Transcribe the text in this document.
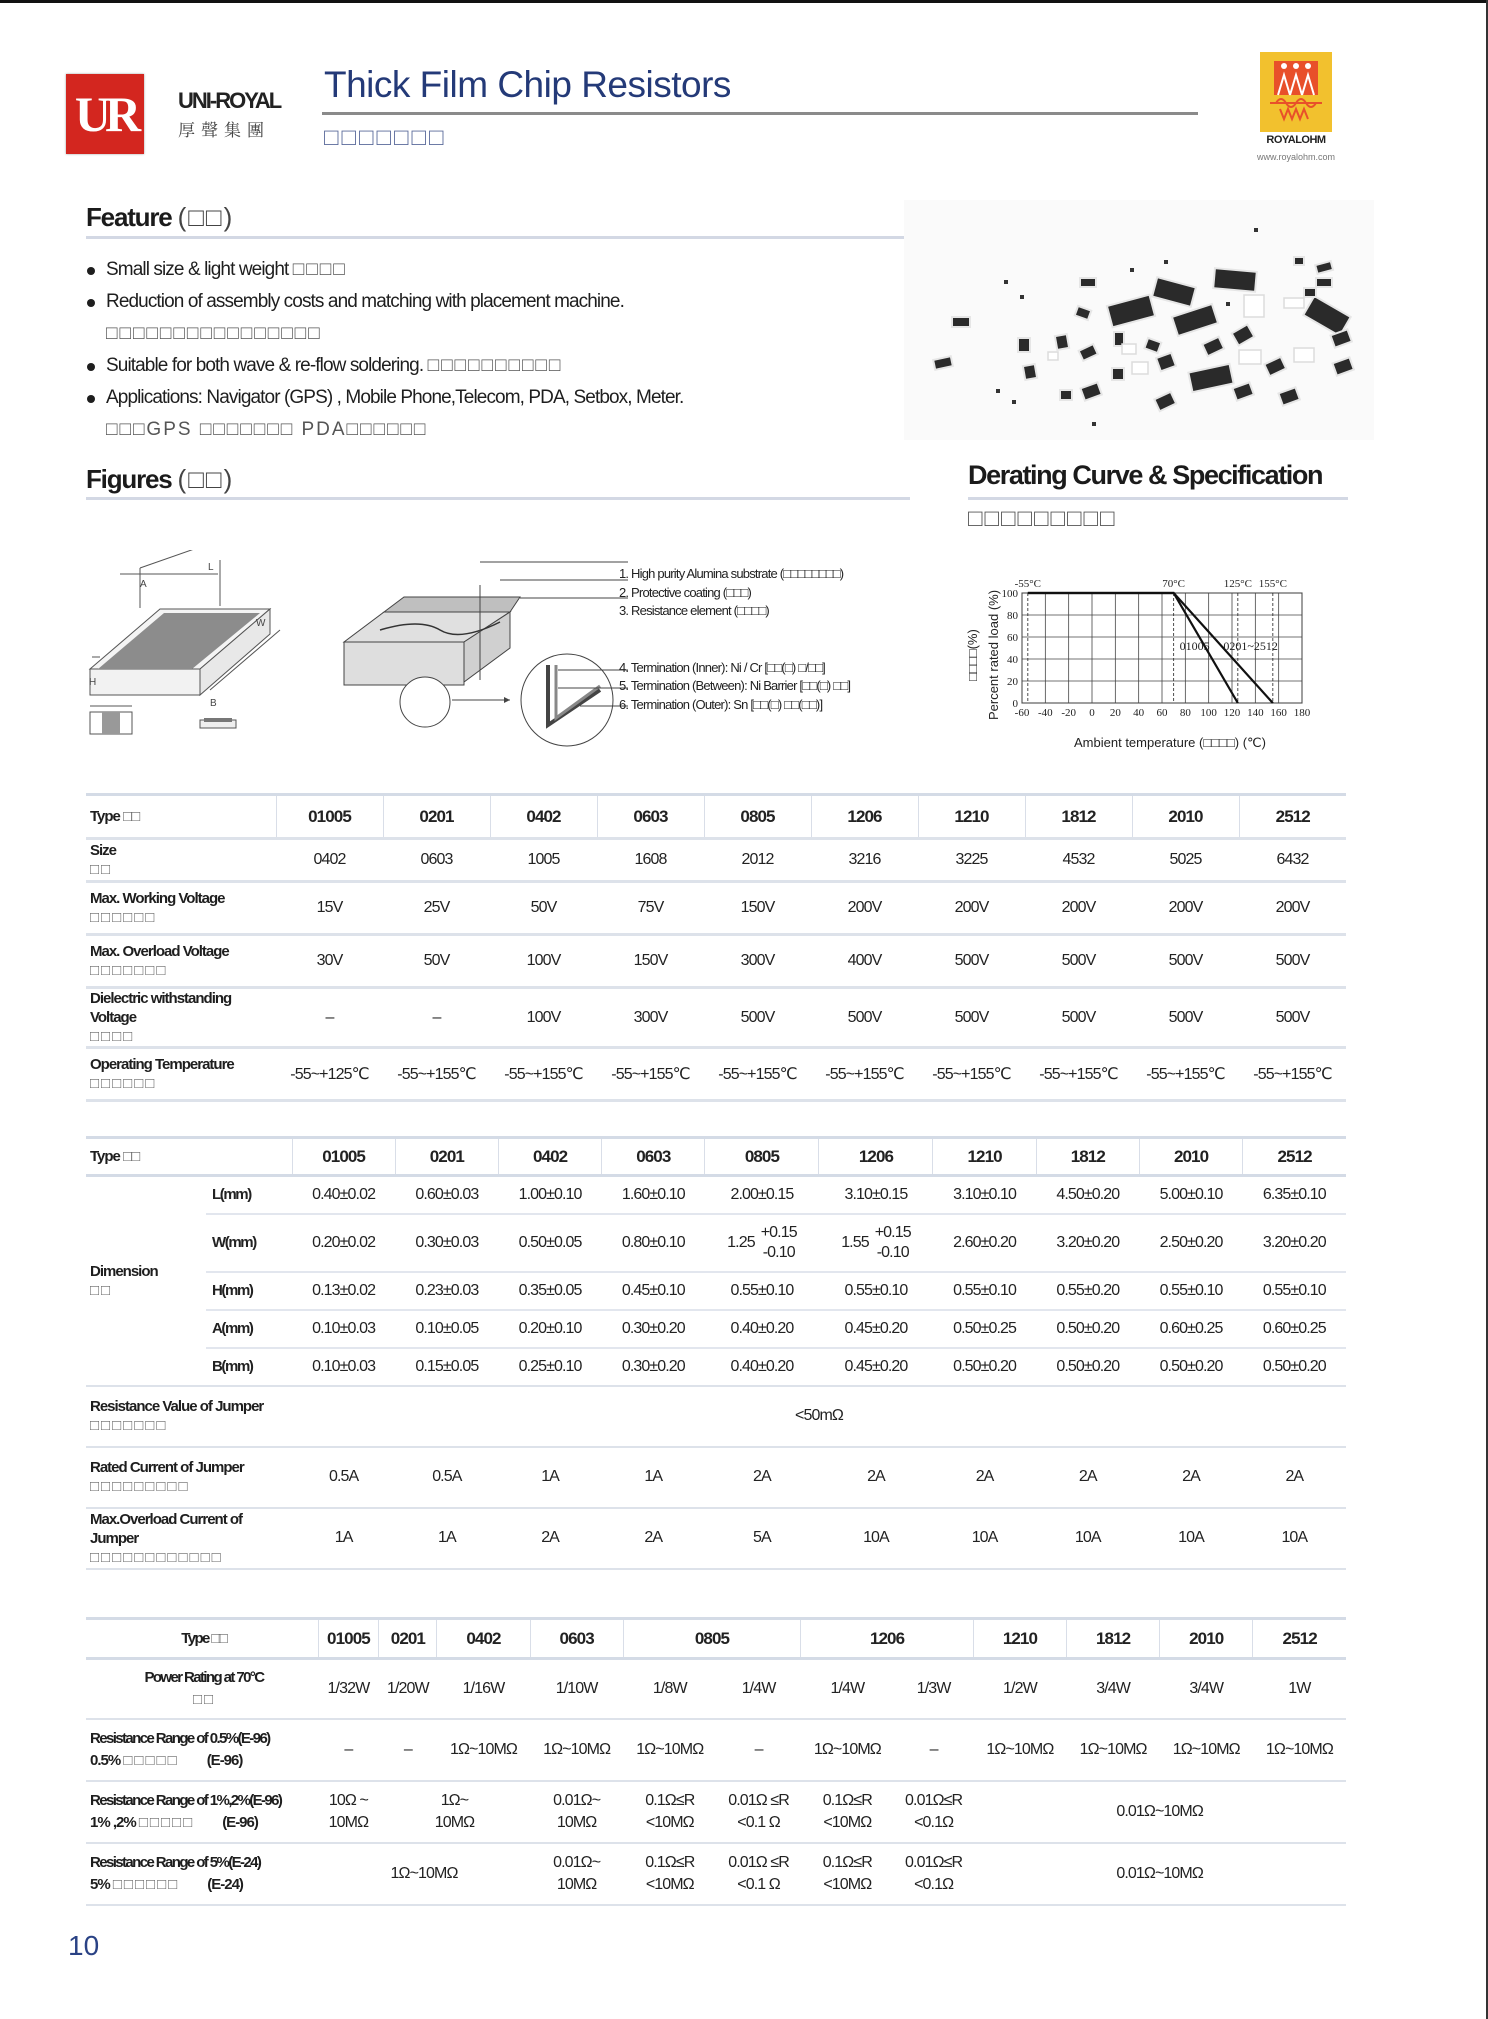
UR UNI-ROYAL
厚聲集團
Thick Film Chip Resistors
□□□□□□□	ROYALOHM
www.royalohm.com
Feature (□□)
Small size & light weight □□□□
Reduction of assembly costs and matching with placement machine.
□□□□□□□□□□□□□□□□
Suitable for both wave & re-flow soldering. □□□□□□□□□□
Applications: Navigator (GPS) , Mobile Phone,Telecom, PDA, Setbox, Meter.
□□□GPS □□□□□□□ PDA□□□□□□
Figures (□□)
L
A
W
H
B
1. High purity Alumina substrate (□□□□□□□□)
2. Protective coating (□□□)
3. Resistance element (□□□□)
4. Termination (Inner): Ni / Cr [□□(□) □/□□]
5. Termination (Between): Ni Barrier [□□(□) □□]
6. Termination (Outer): Sn [□□(□) □□(□□)]
Derating Curve & Specification
□□□□□□□□□
-55°C	70°C	125°C 155°C
01005 0201~2512
-60 -40 -20 0 20 40 60 80 100 120 140 160 180
0
20
40
60
80
100
Ambient temperature (□□□□) (℃)
Percent rated load (%)
□□□□(%)
Type □□	01005	0201	0402	0603	0805	1206	1210	1812	2010	2512
Size
□□	0402	0603	1005	1608	2012	3216	3225	4532	5025	6432
Max. Working Voltage
□□□□□□	15V	25V	50V	75V	150V	200V	200V	200V	200V	200V
Max. Overload Voltage
□□□□□□□	30V	50V	100V	150V	300V	400V	500V	500V	500V	500V
Dielectric withstanding Voltage
□□□□	–	–	100V	300V	500V	500V	500V	500V	500V	500V
Operating Temperature
□□□□□□	-55~+125℃	-55~+155℃	-55~+155℃	-55~+155℃	-55~+155℃	-55~+155℃	-55~+155℃	-55~+155℃	-55~+155℃	-55~+155℃
Type □□		01005	0201	0402	0603	0805	1206	1210	1812	2010	2512
Dimension
□□	L(mm)	0.40±0.02	0.60±0.03	1.00±0.10	1.60±0.10	2.00±0.15	3.10±0.15	3.10±0.10	4.50±0.20	5.00±0.10	6.35±0.10
	W(mm)	0.20±0.02	0.30±0.03	0.50±0.05	0.80±0.10	1.25
+0.15
-0.10	1.55
+0.15
-0.10	2.60±0.20	3.20±0.20	2.50±0.20	3.20±0.20
	H(mm)	0.13±0.02	0.23±0.03	0.35±0.05	0.45±0.10	0.55±0.10	0.55±0.10	0.55±0.10	0.55±0.20	0.55±0.10	0.55±0.10
	A(mm)	0.10±0.03	0.10±0.05	0.20±0.10	0.30±0.20	0.40±0.20	0.45±0.20	0.50±0.25	0.50±0.20	0.60±0.25	0.60±0.25
	B(mm)	0.10±0.03	0.15±0.05	0.25±0.10	0.30±0.20	0.40±0.20	0.45±0.20	0.50±0.20	0.50±0.20	0.50±0.20	0.50±0.20
Resistance Value of Jumper
□□□□□□□		<50mΩ									
Rated Current of Jumper
□□□□□□□□□		0.5A	0.5A	1A	1A	2A	2A	2A	2A	2A	2A
Max.Overload Current of Jumper
□□□□□□□□□□□□		1A	1A	2A	2A	5A	10A	10A	10A	10A	10A
Type □□	01005	0201	0402	0603	0805		1206		1210	1812	2010	2512
Power Rating at 70°C
□□	1/32W	1/20W	1/16W	1/10W	1/8W	1/4W	1/4W	1/3W	1/2W	3/4W	3/4W	1W

Resistance Range of 0.5%(E-96)
0.5% □□□□□ (E-96)	–	–	1Ω~10MΩ	1Ω~10MΩ	1Ω~10MΩ	–	1Ω~10MΩ	–	1Ω~10MΩ	1Ω~10MΩ	1Ω~10MΩ	1Ω~10MΩ

Resistance Range of 1%,2%(E-96)
1% ,2% □□□□□ (E-96)	10Ω ~
10MΩ	1Ω~
10MΩ		0.01Ω~
10MΩ	0.1Ω≤R
<10MΩ	0.01Ω ≤R
<0.1 Ω	0.1Ω≤R
<10MΩ	0.01Ω≤R
<0.1Ω	0.01Ω~10MΩ			

Resistance Range of 5%(E-24)
5% □□□□□□ (E-24)	1Ω~10MΩ			0.01Ω~
10MΩ	0.1Ω≤R
<10MΩ	0.01Ω ≤R
<0.1 Ω	0.1Ω≤R
<10MΩ	0.01Ω≤R
<0.1Ω	0.01Ω~10MΩ			
10
